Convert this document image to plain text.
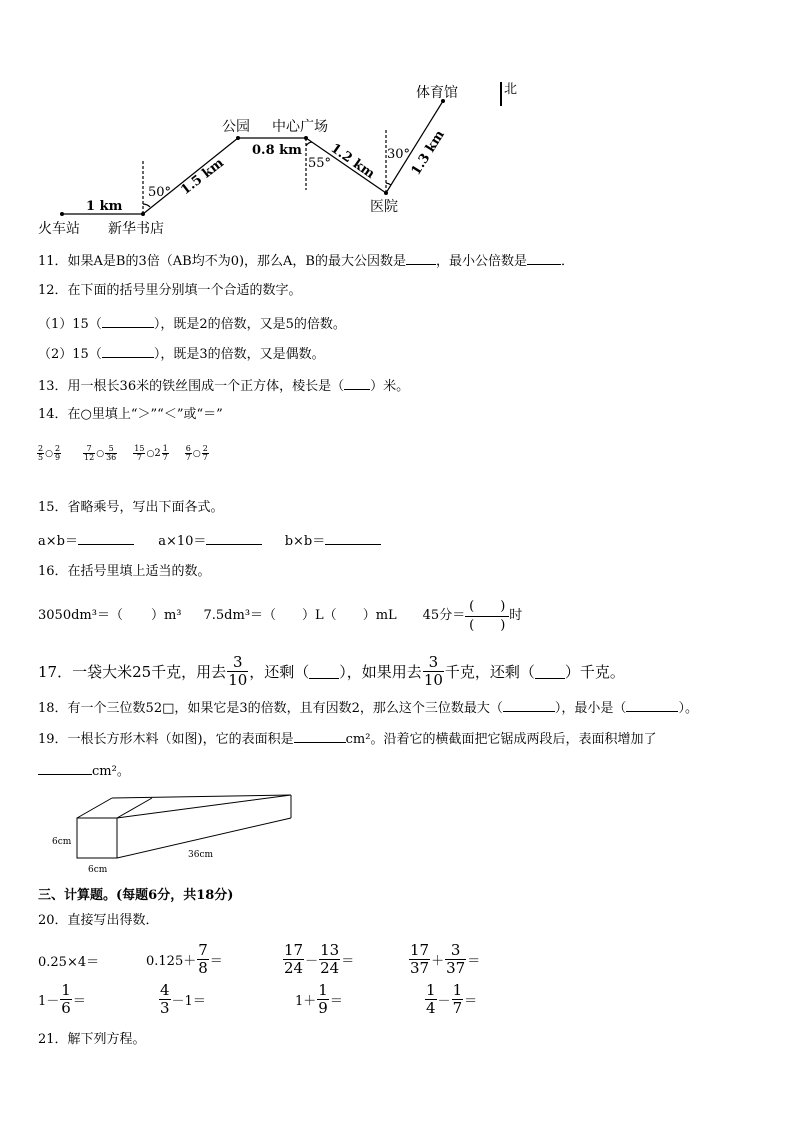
体育馆	北
公园 中心广场
医院
火车站 新华书店
1 km
1.5 km
0.8 km 1.2 km 1.3 km
50°
55°
30°
11．如果A是B的3倍（AB均不为0)，那么A，B的最大公因数是 ，最小公倍数是	．
12．在下面的括号里分别填一个合适的数字。
（1）15（	），既是2的倍数，又是5的倍数。
（2）15（	），既是3的倍数，又是偶数。
13．用一根长36米的铁丝围成一个正方体，棱长是（ ）米。
14．在○里填上“＞”“＜”或“＝”
$\frac{2}{5}$ ○ $\frac{2}{9}$	$\frac{7}{12}$ ○ $\frac{5}{36} \frac{15}{7}$ ○ $2 \frac{1}{7} \frac{6}{7}$ ○ $\frac{2}{7}$
15．省略乘号，写出下面各式。
a×b＝	a×10＝	b×b＝
16．在括号里填上适当的数。
3050dm³＝（ ）m³ 7.5dm³＝（ ）L（ ）mL 45分＝ $\frac{( )}{( )}$ 时
17．一袋大米25千克，用去 $\frac{3}{10}$ ，还剩（ ），如果用去 $\frac{3}{10}$ 千克，还剩（ ）千克。
18．有一个三位数52□，如果它是3的倍数，且有因数2，那么这个三位数最大（	），最小是（	）。
19．一根长方形木料（如图)，它的表面积是	cm²。沿着它的横截面把它锯成两段后，表面积增加了
cm²。
6cm
6cm
36cm
三、计算题。(每题6分，共18分)
20．直接写出得数．
0.25×4＝	$0.125+ \frac{7}{8}$ ＝	$\frac{17}{24} - \frac{13}{24}$ ＝	$\frac{17}{37} + \frac{3}{37}$ ＝
$1- \frac{1}{6}$ ＝	$\frac{4}{3} -1=$	$1+ \frac{1}{9}$ ＝	$\frac{1}{4} - \frac{1}{7}$ ＝
21．解下列方程。
